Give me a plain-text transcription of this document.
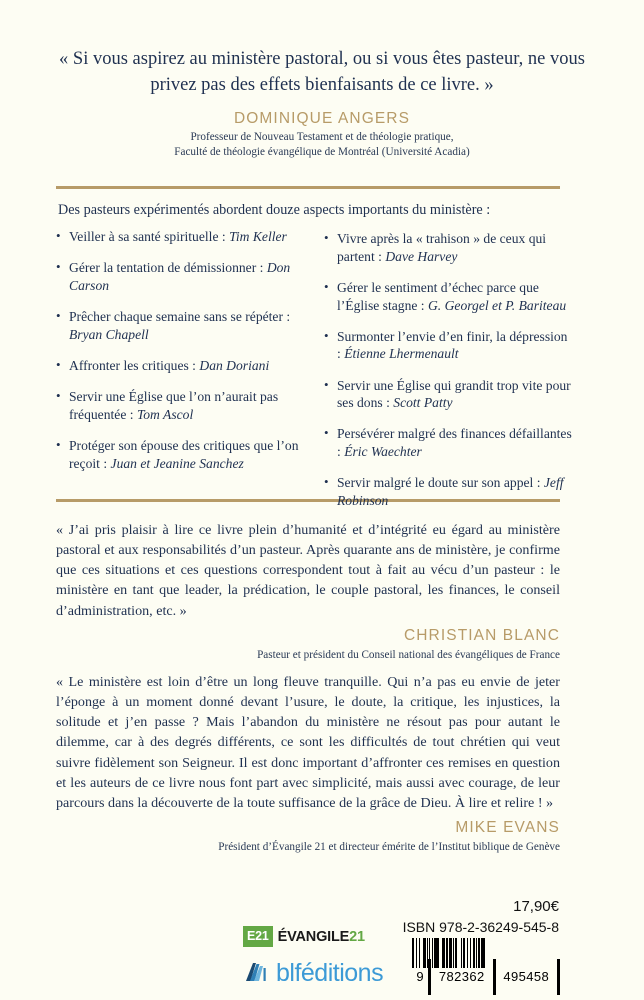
« Si vous aspirez au ministère pastoral, ou si vous êtes pasteur, ne vous privez pas des effets bienfaisants de ce livre. »
DOMINIQUE ANGERS
Professeur de Nouveau Testament et de théologie pratique,
Faculté de théologie évangélique de Montréal (Université Acadia)
Des pasteurs expérimentés abordent douze aspects importants du ministère :
• Veiller à sa santé spirituelle : Tim Keller
• Gérer la tentation de démissionner : Don Carson
• Prêcher chaque semaine sans se répéter : Bryan Chapell
• Affronter les critiques : Dan Doriani
• Servir une Église que l’on n’aurait pas fréquentée : Tom Ascol
• Protéger son épouse des critiques que l’on reçoit : Juan et Jeanine Sanchez
• Vivre après la « trahison » de ceux qui partent : Dave Harvey
• Gérer le sentiment d’échec parce que l’Église stagne : G. Georgel et P. Bariteau
• Surmonter l’envie d’en finir, la dépression : Étienne Lhermenault
• Servir une Église qui grandit trop vite pour ses dons : Scott Patty
• Persévérer malgré des finances défaillantes : Éric Waechter
• Servir malgré le doute sur son appel : Jeff Robinson
« J’ai pris plaisir à lire ce livre plein d’humanité et d’intégrité eu égard au ministère pastoral et aux responsabilités d’un pasteur. Après quarante ans de ministère, je confirme que ces situations et ces questions correspondent tout à fait au vécu d’un pasteur : le ministère en tant que leader, la prédication, le couple pastoral, les finances, le conseil d’administration, etc. »
CHRISTIAN BLANC
Pasteur et président du Conseil national des évangéliques de France
« Le ministère est loin d’être un long fleuve tranquille. Qui n’a pas eu envie de jeter l’éponge à un moment donné devant l’usure, le doute, la critique, les injustices, la solitude et j’en passe ? Mais l’abandon du ministère ne résout pas pour autant le dilemme, car à des degrés différents, ce sont les difficultés de tout chrétien qui veut suivre fidèlement son Seigneur. Il est donc important d’affronter ces remises en question et les auteurs de ce livre nous font part avec simplicité, mais aussi avec courage, de leur parcours dans la découverte de la toute suffisance de la grâce de Dieu. À lire et relire ! »
MIKE EVANS
Président d’Évangile 21 et directeur émérite de l’Institut biblique de Genève
17,90€
ISBN 978-2-36249-545-8
9	782362	495458
E21 ÉVANGILE21
blféditions
